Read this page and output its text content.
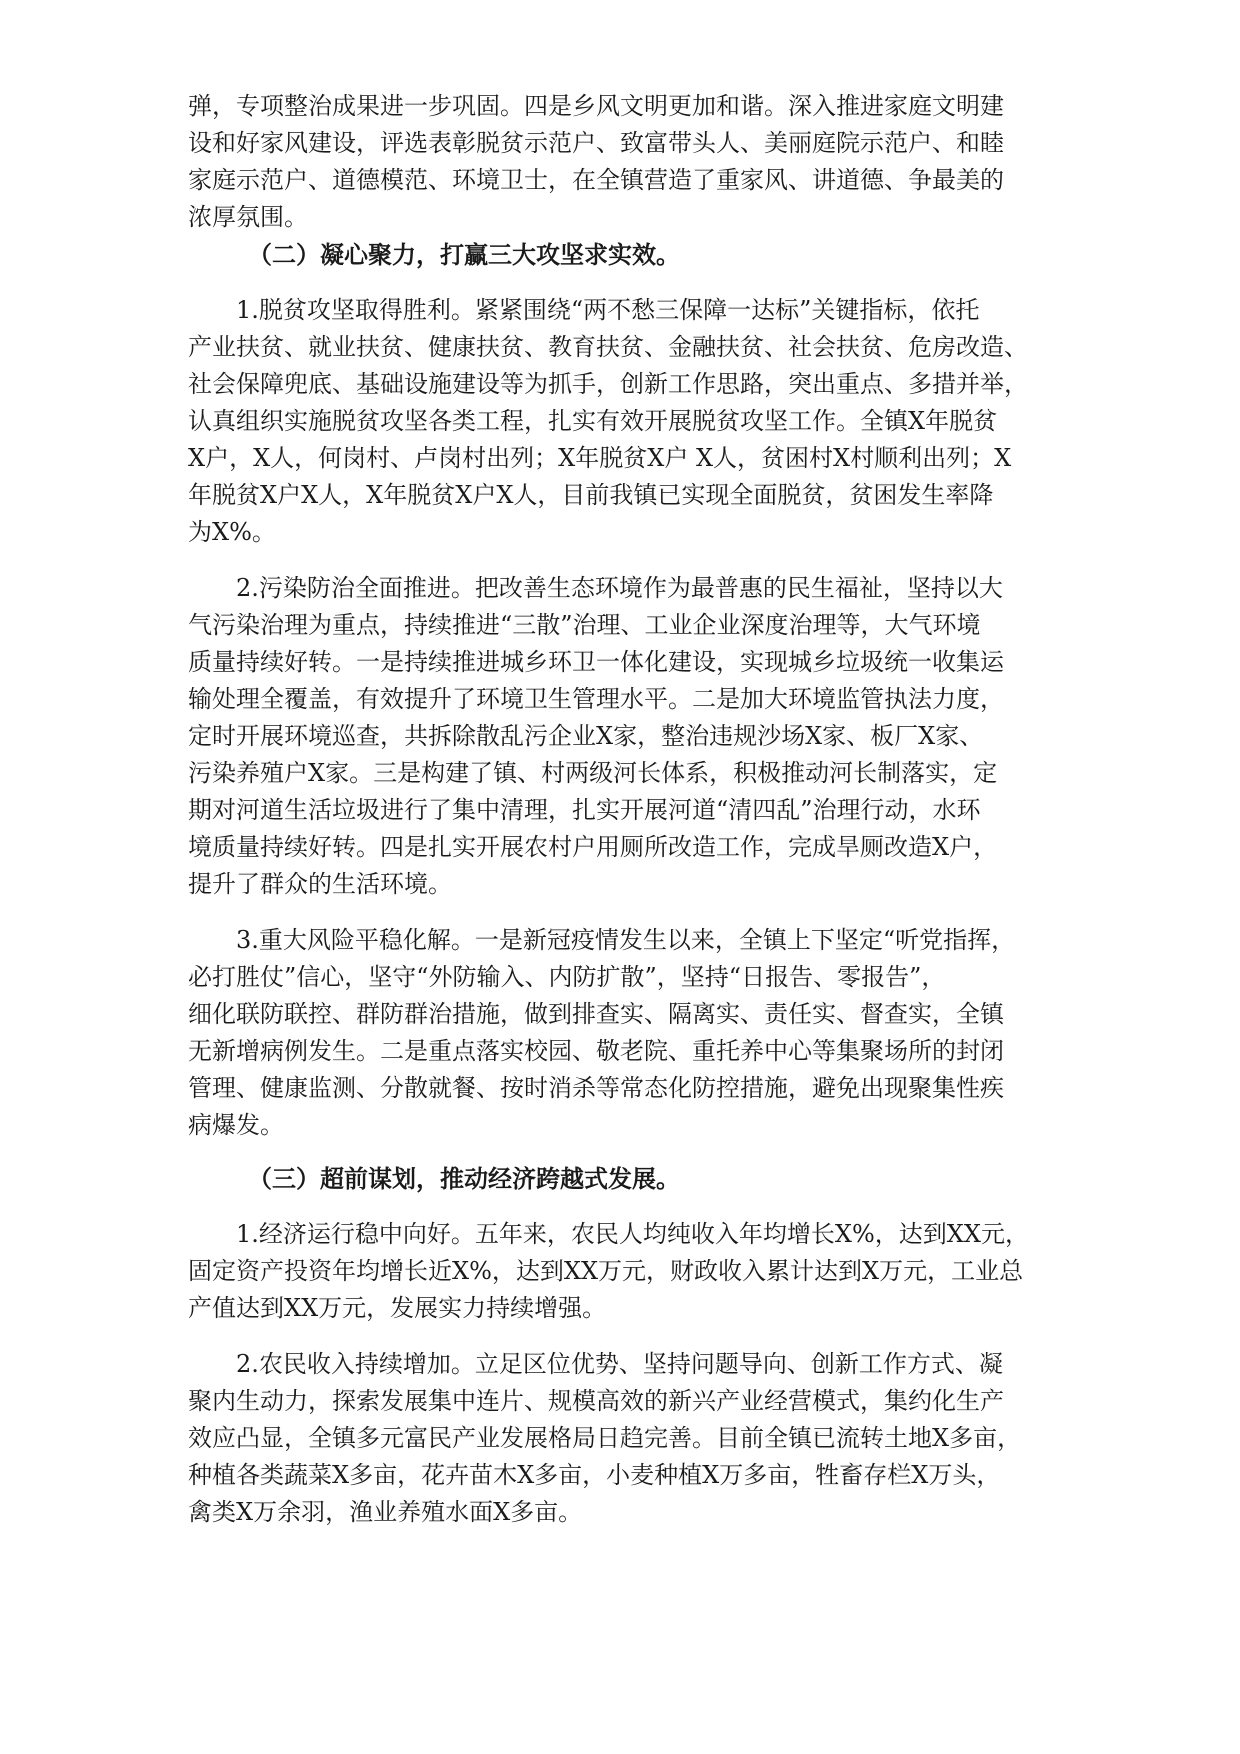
弹，专项整治成果进一步巩固。四是乡风文明更加和谐。深入推进家庭文明建
设和好家风建设，评选表彰脱贫示范户、致富带头人、美丽庭院示范户、和睦
家庭示范户、道德模范、环境卫士，在全镇营造了重家风、讲道德、争最美的
浓厚氛围。

（二）凝心聚力，打赢三大攻坚求实效。

1.脱贫攻坚取得胜利。紧紧围绕“两不愁三保障一达标”关键指标，依托
产业扶贫、就业扶贫、健康扶贫、教育扶贫、金融扶贫、社会扶贫、危房改造、
社会保障兜底、基础设施建设等为抓手，创新工作思路，突出重点、多措并举，
认真组织实施脱贫攻坚各类工程，扎实有效开展脱贫攻坚工作。全镇X年脱贫
X户，X人，何岗村、卢岗村出列；X年脱贫X户 X人，贫困村X村顺利出列；X
年脱贫X户X人，X年脱贫X户X人，目前我镇已实现全面脱贫，贫困发生率降
为X%。

2.污染防治全面推进。把改善生态环境作为最普惠的民生福祉，坚持以大
气污染治理为重点，持续推进“三散”治理、工业企业深度治理等，大气环境
质量持续好转。一是持续推进城乡环卫一体化建设，实现城乡垃圾统一收集运
输处理全覆盖，有效提升了环境卫生管理水平。二是加大环境监管执法力度，
定时开展环境巡查，共拆除散乱污企业X家，整治违规沙场X家、板厂X家、
污染养殖户X家。三是构建了镇、村两级河长体系，积极推动河长制落实，定
期对河道生活垃圾进行了集中清理，扎实开展河道“清四乱”治理行动，水环
境质量持续好转。四是扎实开展农村户用厕所改造工作，完成旱厕改造X户，
提升了群众的生活环境。

3.重大风险平稳化解。一是新冠疫情发生以来，全镇上下坚定“听党指挥，
必打胜仗”信心，坚守“外防输入、内防扩散”，坚持“日报告、零报告”，
细化联防联控、群防群治措施，做到排查实、隔离实、责任实、督查实，全镇
无新增病例发生。二是重点落实校园、敬老院、重托养中心等集聚场所的封闭
管理、健康监测、分散就餐、按时消杀等常态化防控措施，避免出现聚集性疾
病爆发。

（三）超前谋划，推动经济跨越式发展。

1.经济运行稳中向好。五年来，农民人均纯收入年均增长X%，达到XX元，
固定资产投资年均增长近X%，达到XX万元，财政收入累计达到X万元，工业总
产值达到XX万元，发展实力持续增强。

2.农民收入持续增加。立足区位优势、坚持问题导向、创新工作方式、凝
聚内生动力，探索发展集中连片、规模高效的新兴产业经营模式，集约化生产
效应凸显，全镇多元富民产业发展格局日趋完善。目前全镇已流转土地X多亩，
种植各类蔬菜X多亩，花卉苗木X多亩，小麦种植X万多亩，牲畜存栏X万头，
禽类X万余羽，渔业养殖水面X多亩。
